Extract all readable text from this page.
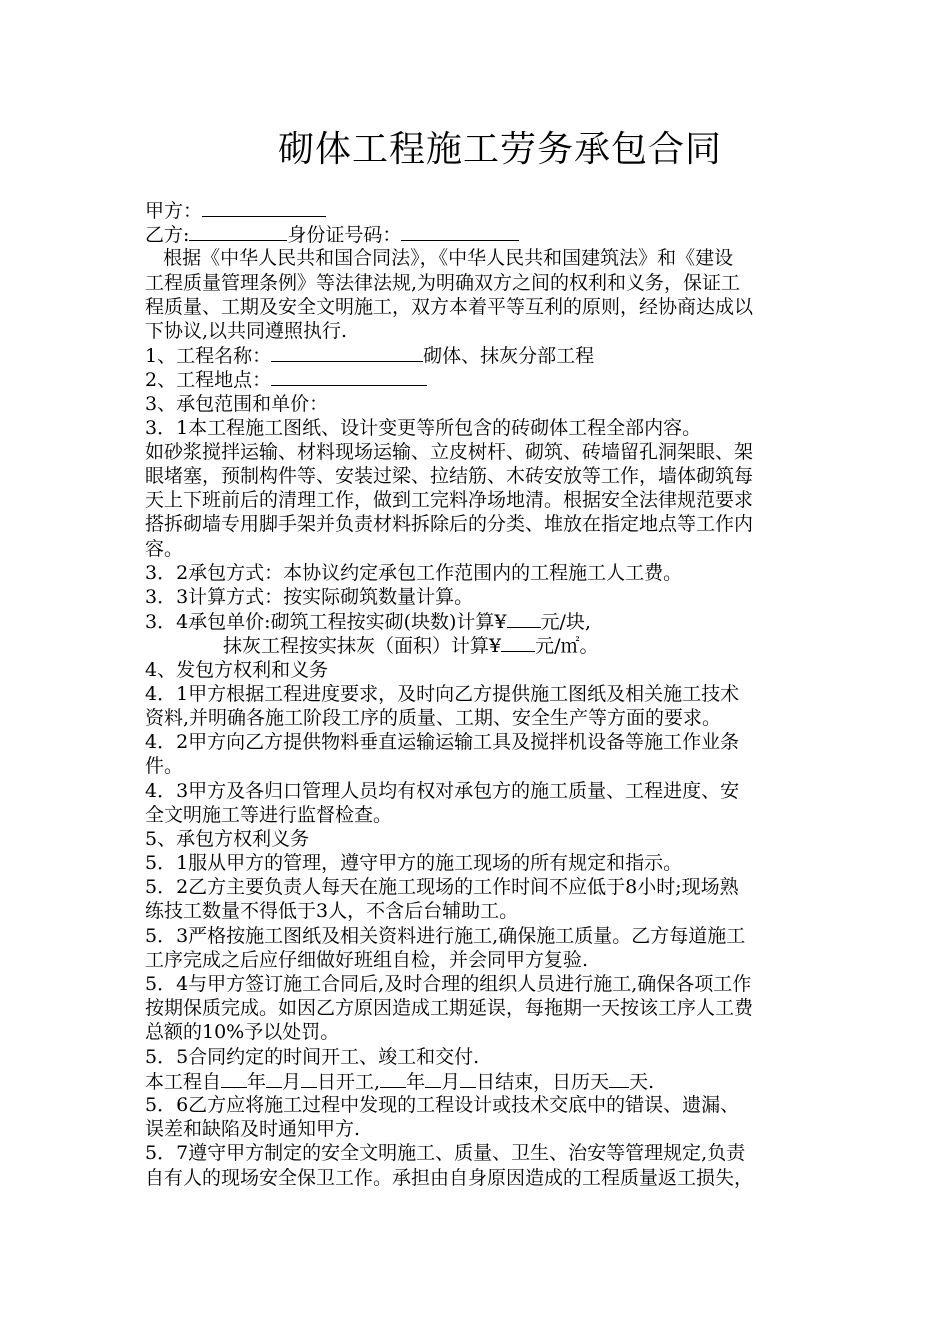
砌体工程施工劳务承包合同
甲方：
乙方:	身份证号码：
根据《中华人民共和国合同法》，《中华人民共和国建筑法》和《建设
工程质量管理条例》等法律法规,为明确双方之间的权利和义务，保证工
程质量、工期及安全文明施工，双方本着平等互利的原则，经协商达成以
下协议,以共同遵照执行.
1、工程名称：	砌体、抹灰分部工程
2、工程地点：
3、承包范围和单价：
3．1本工程施工图纸、设计变更等所包含的砖砌体工程全部内容。
如砂浆搅拌运输、材料现场运输、立皮树杆、砌筑、砖墙留孔洞架眼、架
眼堵塞，预制构件等、安装过梁、拉结筋、木砖安放等工作，墙体砌筑每
天上下班前后的清理工作，做到工完料净场地清。根据安全法律规范要求
搭拆砌墙专用脚手架并负责材料拆除后的分类、堆放在指定地点等工作内
容。
3．2承包方式：本协议约定承包工作范围内的工程施工人工费。
3．3计算方式：按实际砌筑数量计算。
3．4承包单价:砌筑工程按实砌(块数)计算¥ 元/块,
抹灰工程按实抹灰（面积）计算¥ 元/㎡。
4、发包方权利和义务
4．1甲方根据工程进度要求，及时向乙方提供施工图纸及相关施工技术
资料,并明确各施工阶段工序的质量、工期、安全生产等方面的要求。
4．2甲方向乙方提供物料垂直运输运输工具及搅拌机设备等施工作业条
件。
4．3甲方及各归口管理人员均有权对承包方的施工质量、工程进度、安
全文明施工等进行监督检查。
5、承包方权利义务
5．1服从甲方的管理，遵守甲方的施工现场的所有规定和指示。
5．2乙方主要负责人每天在施工现场的工作时间不应低于8小时;现场熟
练技工数量不得低于3人，不含后台辅助工。
5．3严格按施工图纸及相关资料进行施工,确保施工质量。乙方每道施工
工序完成之后应仔细做好班组自检，并会同甲方复验.
5．4与甲方签订施工合同后,及时合理的组织人员进行施工,确保各项工作
按期保质完成。如因乙方原因造成工期延误，每拖期一天按该工序人工费
总额的10%予以处罚。
5．5合同约定的时间开工、竣工和交付.
本工程自 年 月 日开工, 年 月 日结束，日历天 天.
5．6乙方应将施工过程中发现的工程设计或技术交底中的错误、遗漏、
误差和缺陷及时通知甲方.
5．7遵守甲方制定的安全文明施工、质量、卫生、治安等管理规定,负责
自有人的现场安全保卫工作。承担由自身原因造成的工程质量返工损失，
